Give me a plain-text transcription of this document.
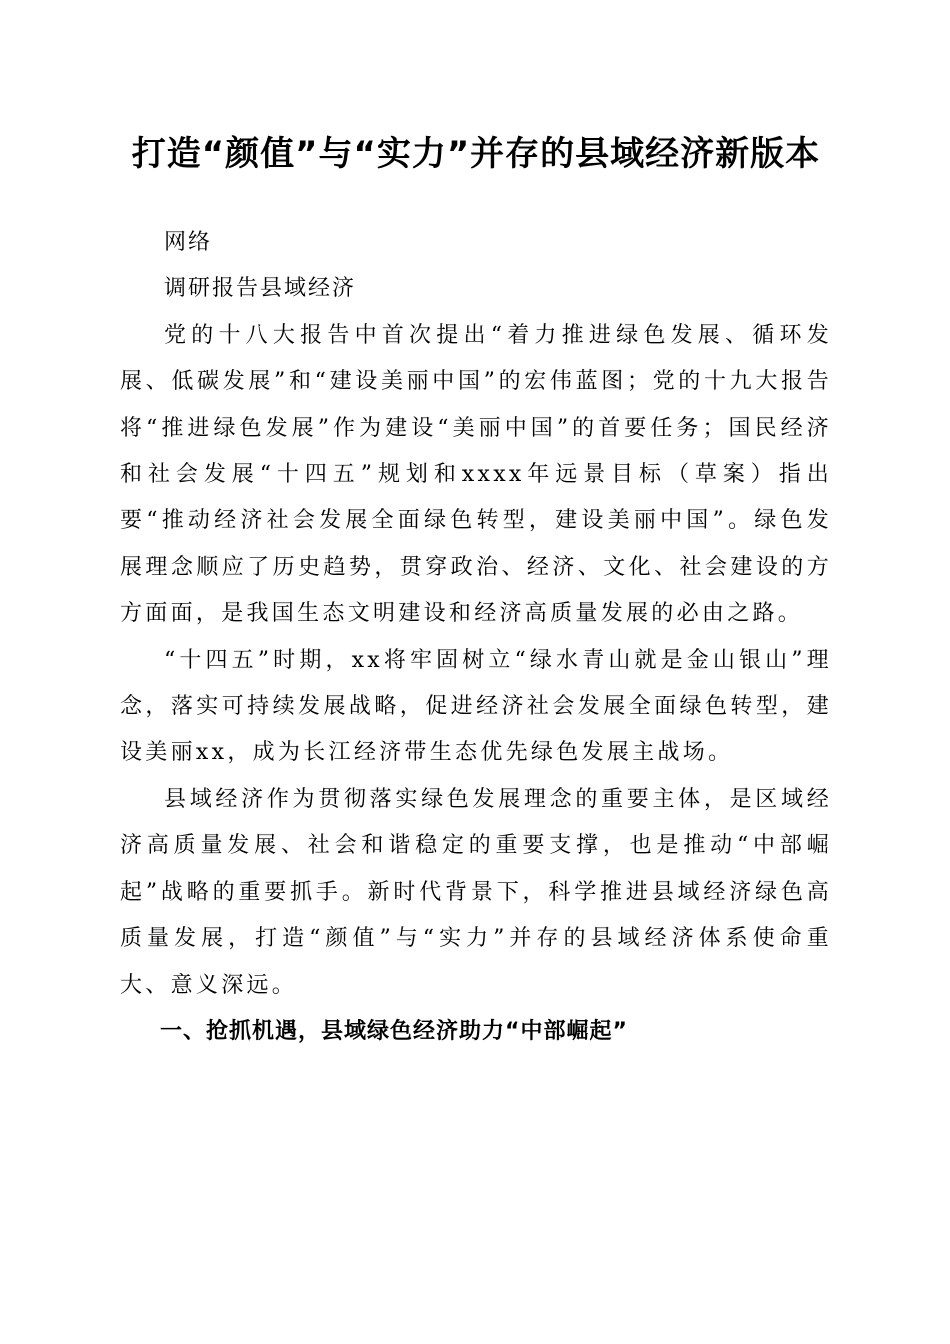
打造“颜值”与“实力”并存的县域经济新版本

网络

调研报告县域经济

党的十八大报告中首次提出“着力推进绿色发展、循环发展、低碳发展”和“建设美丽中国”的宏伟蓝图；党的十九大报告将“推进绿色发展”作为建设“美丽中国”的首要任务；国民经济和社会发展“十四五”规划和xxxx年远景目标（草案）指出要“推动经济社会发展全面绿色转型，建设美丽中国”。绿色发展理念顺应了历史趋势，贯穿政治、经济、文化、社会建设的方方面面，是我国生态文明建设和经济高质量发展的必由之路。

“十四五”时期，xx将牢固树立“绿水青山就是金山银山”理念，落实可持续发展战略，促进经济社会发展全面绿色转型，建设美丽xx，成为长江经济带生态优先绿色发展主战场。

县域经济作为贯彻落实绿色发展理念的重要主体，是区域经济高质量发展、社会和谐稳定的重要支撑，也是推动“中部崛起”战略的重要抓手。新时代背景下，科学推进县域经济绿色高质量发展，打造“颜值”与“实力”并存的县域经济体系使命重大、意义深远。

一、抢抓机遇，县域绿色经济助力“中部崛起”
